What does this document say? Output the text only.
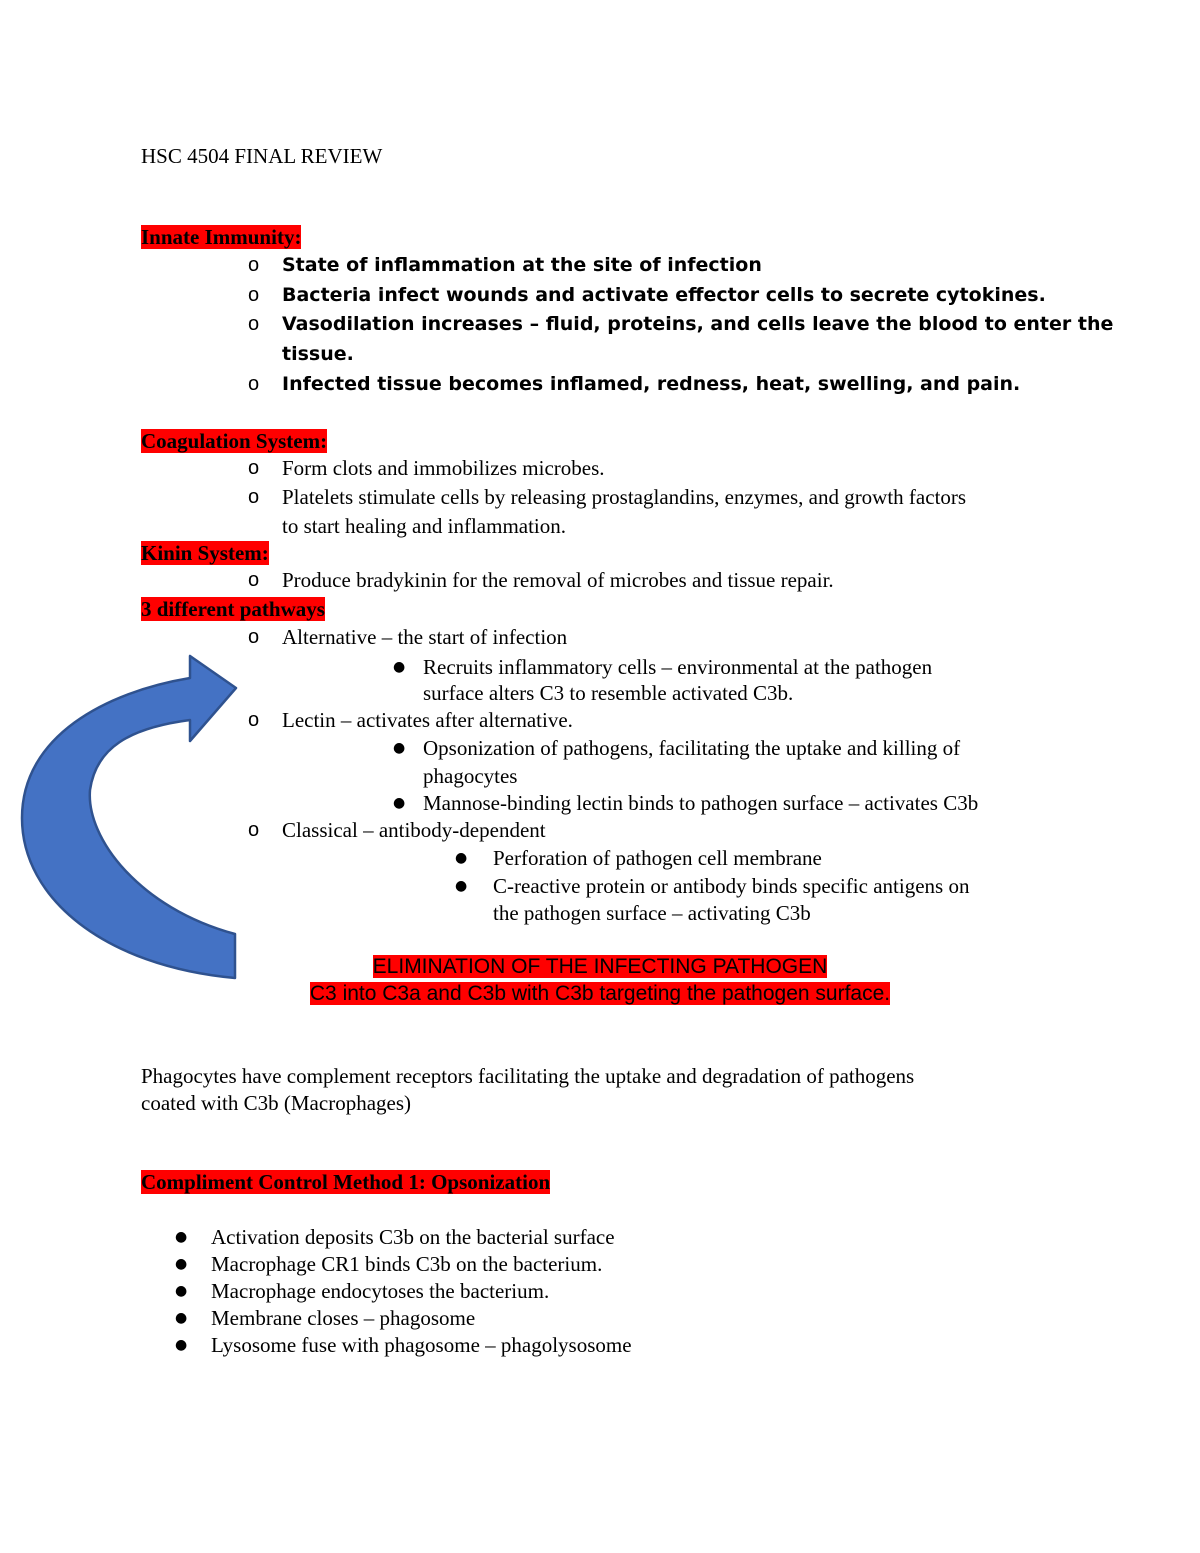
HSC 4504 FINAL REVIEW
Innate Immunity:
o State of inflammation at the site of infection
o Bacteria infect wounds and activate effector cells to secrete cytokines.
o Vasodilation increases – fluid, proteins, and cells leave the blood to enter the
tissue.
o Infected tissue becomes inflamed, redness, heat, swelling, and pain.
Coagulation System:
o Form clots and immobilizes microbes.
o Platelets stimulate cells by releasing prostaglandins, enzymes, and growth factors
to start healing and inflammation.
Kinin System:
o Produce bradykinin for the removal of microbes and tissue repair.
3 different pathways
o Alternative – the start of infection
● Recruits inflammatory cells – environmental at the pathogen
surface alters C3 to resemble activated C3b.
o Lectin – activates after alternative.
● Opsonization of pathogens, facilitating the uptake and killing of
phagocytes
● Mannose-binding lectin binds to pathogen surface – activates C3b
o Classical – antibody-dependent
● Perforation of pathogen cell membrane
● C-reactive protein or antibody binds specific antigens on
the pathogen surface – activating C3b
ELIMINATION OF THE INFECTING PATHOGEN
C3 into C3a and C3b with C3b targeting the pathogen surface.
Phagocytes have complement receptors facilitating the uptake and degradation of pathogens
coated with C3b (Macrophages)
Compliment Control Method 1: Opsonization
● Activation deposits C3b on the bacterial surface
● Macrophage CR1 binds C3b on the bacterium.
● Macrophage endocytoses the bacterium.
● Membrane closes – phagosome
● Lysosome fuse with phagosome – phagolysosome
